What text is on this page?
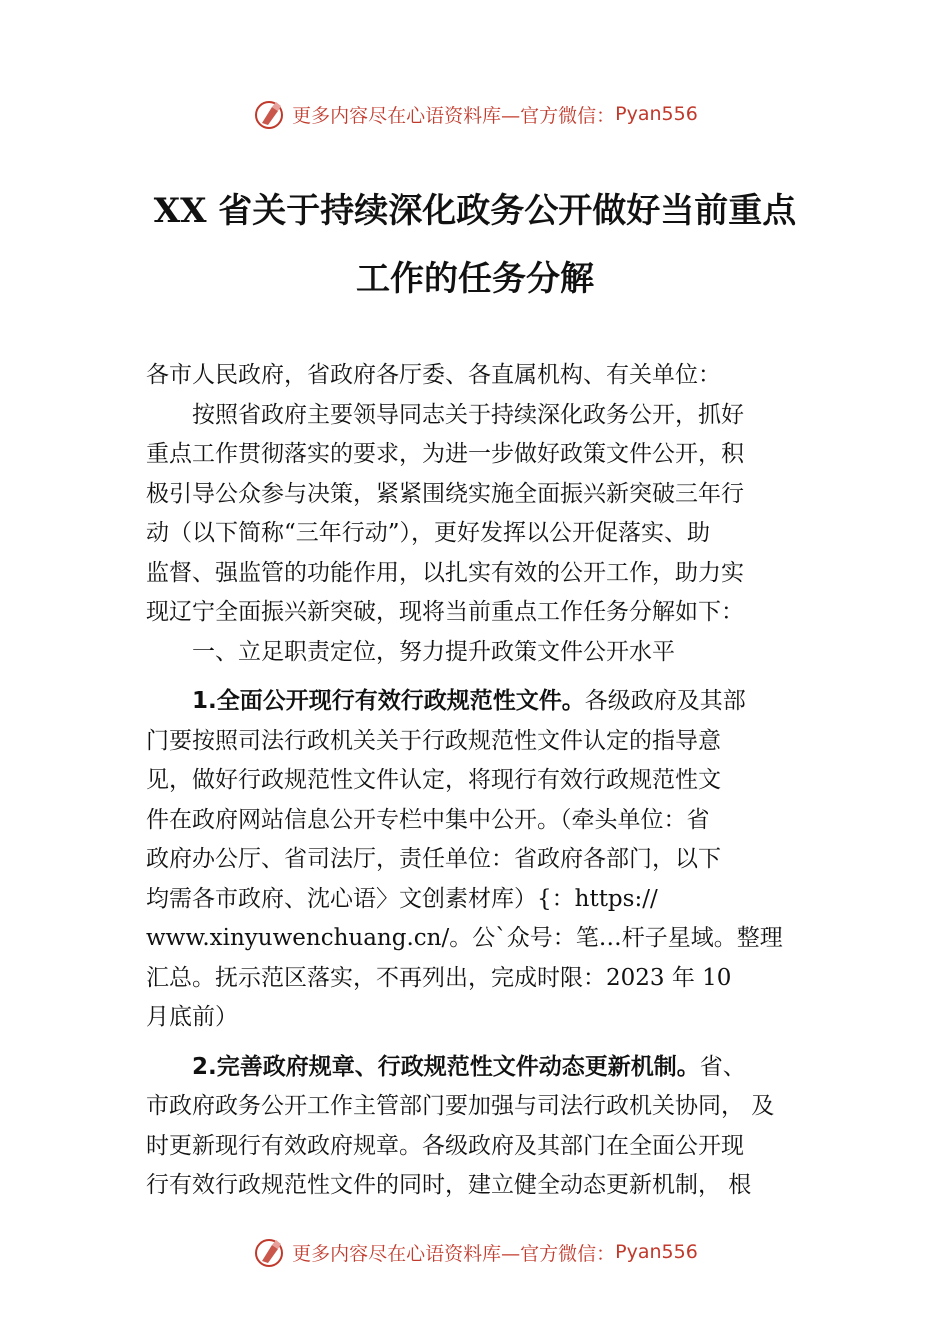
更多内容尽在心语资料库—官方微信： Pyan556
XX 省关于持续深化政务公开做好当前重点
工作的任务分解

各市人民政府，省政府各厅委、各直属机构、有关单位：

按照省政府主要领导同志关于持续深化政务公开，抓好

重点工作贯彻落实的要求，为进一步做好政策文件公开，积

极引导公众参与决策，紧紧围绕实施全面振兴新突破三年行

动（以下简称“三年行动”），更好发挥以公开促落实、助

监督、强监管的功能作用，以扎实有效的公开工作，助力实

现辽宁全面振兴新突破，现将当前重点工作任务分解如下：

一、立足职责定位，努力提升政策文件公开水平

1.全面公开现行有效行政规范性文件。各级政府及其部

门要按照司法行政机关关于行政规范性文件认定的指导意

见，做好行政规范性文件认定，将现行有效行政规范性文

件在政府网站信息公开专栏中集中公开。（牵头单位：省

政府办公厅、省司法厅，责任单位：省政府各部门，以下

均需各市政府、沈心语〉文创素材库）{：https://

www.xinyuwenchuang.cn/。公`众号：笔…杆子星域。整理

汇总。抚示范区落实，不再列出，完成时限：2023 年 10

月底前）

2.完善政府规章、行政规范性文件动态更新机制。省、

市政府政务公开工作主管部门要加强与司法行政机关协同， 及

时更新现行有效政府规章。各级政府及其部门在全面公开现

行有效行政规范性文件的同时，建立健全动态更新机制， 根

更多内容尽在心语资料库—官方微信： Pyan556
